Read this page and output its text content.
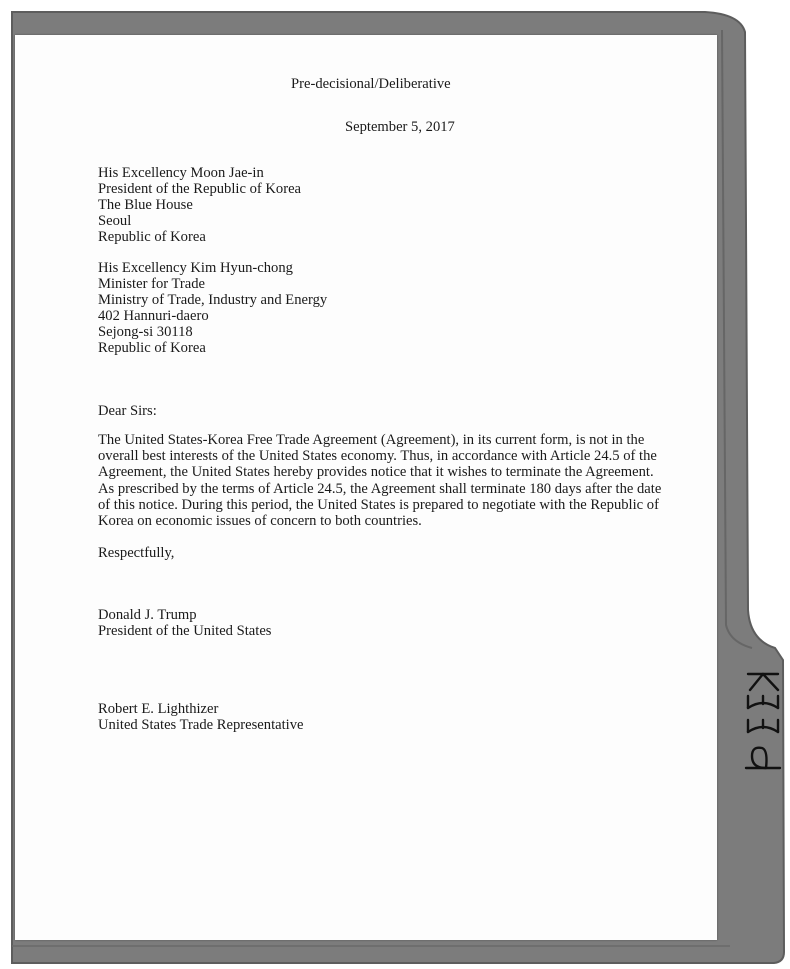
Pre-decisional/Deliberative
September 5, 2017
His Excellency Moon Jae-in
President of the Republic of Korea
The Blue House
Seoul
Republic of Korea
His Excellency Kim Hyun-chong
Minister for Trade
Ministry of Trade, Industry and Energy
402 Hannuri-daero
Sejong-si 30118
Republic of Korea
Dear Sirs:
The United States-Korea Free Trade Agreement (Agreement), in its current form, is not in the
overall best interests of the United States economy. Thus, in accordance with Article 24.5 of the
Agreement, the United States hereby provides notice that it wishes to terminate the Agreement.
As prescribed by the terms of Article 24.5, the Agreement shall terminate 180 days after the date
of this notice. During this period, the United States is prepared to negotiate with the Republic of
Korea on economic issues of concern to both countries.
Respectfully,
Donald J. Trump
President of the United States
Robert E. Lighthizer
United States Trade Representative
